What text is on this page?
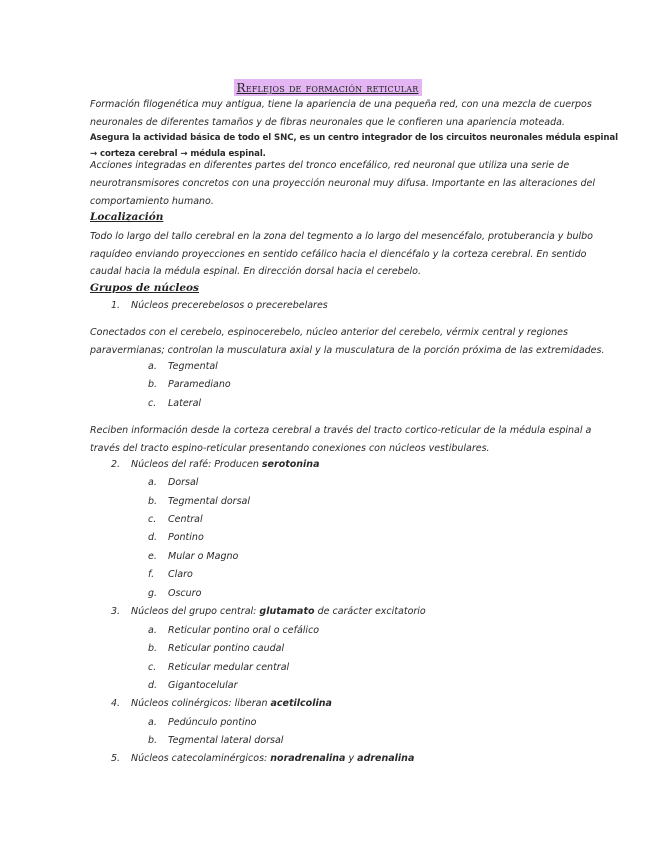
Reflejos de formación reticular
Formación filogenética muy antigua, tiene la apariencia de una pequeña red, con una mezcla de cuerpos
neuronales de diferentes tamaños y de fibras neuronales que le confieren una apariencia moteada.
Asegura la actividad básica de todo el SNC, es un centro integrador de los circuitos neuronales médula espinal
→ corteza cerebral → médula espinal.
Acciones integradas en diferentes partes del tronco encefálico, red neuronal que utiliza una serie de
neurotransmisores concretos con una proyección neuronal muy difusa. Importante en las alteraciones del
comportamiento humano.
Localización
Todo lo largo del tallo cerebral en la zona del tegmento a lo largo del mesencéfalo, protuberancia y bulbo
raquídeo enviando proyecciones en sentido cefálico hacia el diencéfalo y la corteza cerebral. En sentido
caudal hacia la médula espinal. En dirección dorsal hacia el cerebelo.
Grupos de núcleos
1. Núcleos precerebelosos o precerebelares
Conectados con el cerebelo, espinocerebelo, núcleo anterior del cerebelo, vérmix central y regiones
paravermianas; controlan la musculatura axial y la musculatura de la porción próxima de las extremidades.
a. Tegmental
b. Paramediano
c. Lateral
Reciben información desde la corteza cerebral a través del tracto cortico-reticular de la médula espinal a
través del tracto espino-reticular presentando conexiones con núcleos vestibulares.
2. Núcleos del rafé: Producen serotonina
a. Dorsal
b. Tegmental dorsal
c. Central
d. Pontino
e. Mular o Magno
f. Claro
g. Oscuro
3. Núcleos del grupo central: glutamato de carácter excitatorio
a. Reticular pontino oral o cefálico
b. Reticular pontino caudal
c. Reticular medular central
d. Gigantocelular
4. Núcleos colinérgicos: liberan acetilcolina
a. Pedúnculo pontino
b. Tegmental lateral dorsal
5. Núcleos catecolaminérgicos: noradrenalina y adrenalina
